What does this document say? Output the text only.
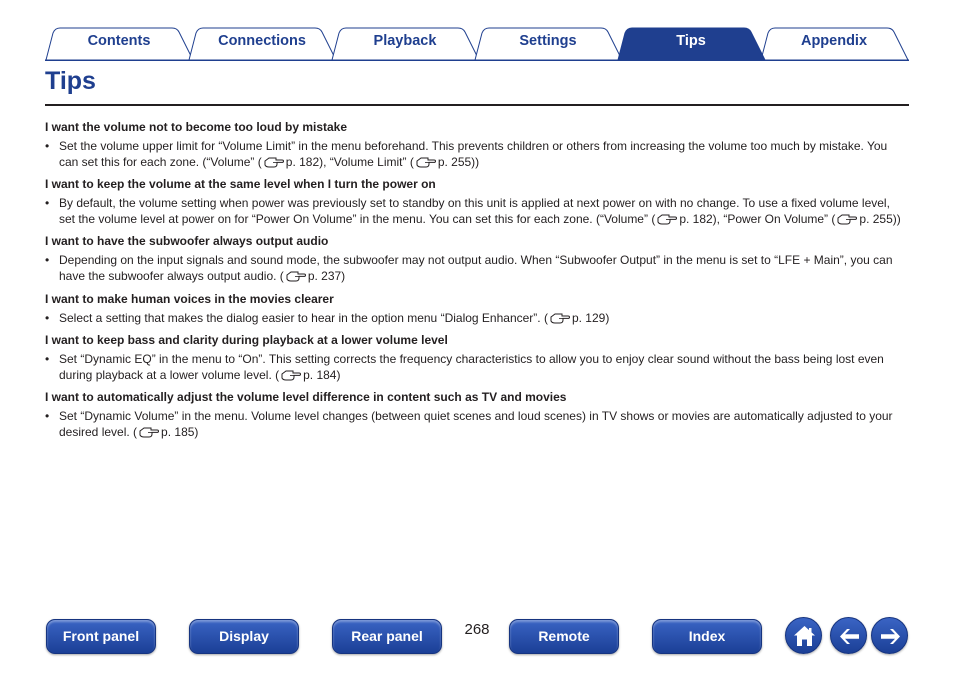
Contents	Connections	Playback	Settings	Tips	Appendix
Tips

I want the volume not to become too loud by mistake

• Set the volume upper limit for “Volume Limit” in the menu beforehand. This prevents children or others from increasing the volume too much by mistake. You can set this for each zone. (“Volume” ( p. 182), “Volume Limit” ( p. 255))

I want to keep the volume at the same level when I turn the power on

• By default, the volume setting when power was previously set to standby on this unit is applied at next power on with no change. To use a fixed volume level, set the volume level at power on for “Power On Volume” in the menu. You can set this for each zone. (“Volume” ( p. 182), “Power On Volume” ( p. 255))

I want to have the subwoofer always output audio

• Depending on the input signals and sound mode, the subwoofer may not output audio. When “Subwoofer Output” in the menu is set to “LFE + Main”, you can have the subwoofer always output audio. ( p. 237)

I want to make human voices in the movies clearer

• Select a setting that makes the dialog easier to hear in the option menu “Dialog Enhancer”. ( p. 129)

I want to keep bass and clarity during playback at a lower volume level

• Set “Dynamic EQ” in the menu to “On”. This setting corrects the frequency characteristics to allow you to enjoy clear sound without the bass being lost even during playback at a lower volume level. ( p. 184)

I want to automatically adjust the volume level difference in content such as TV and movies

• Set “Dynamic Volume” in the menu. Volume level changes (between quiet scenes and loud scenes) in TV shows or movies are automatically adjusted to your desired level. ( p. 185)

Front panel	Display	Rear panel	268	Remote	Index
